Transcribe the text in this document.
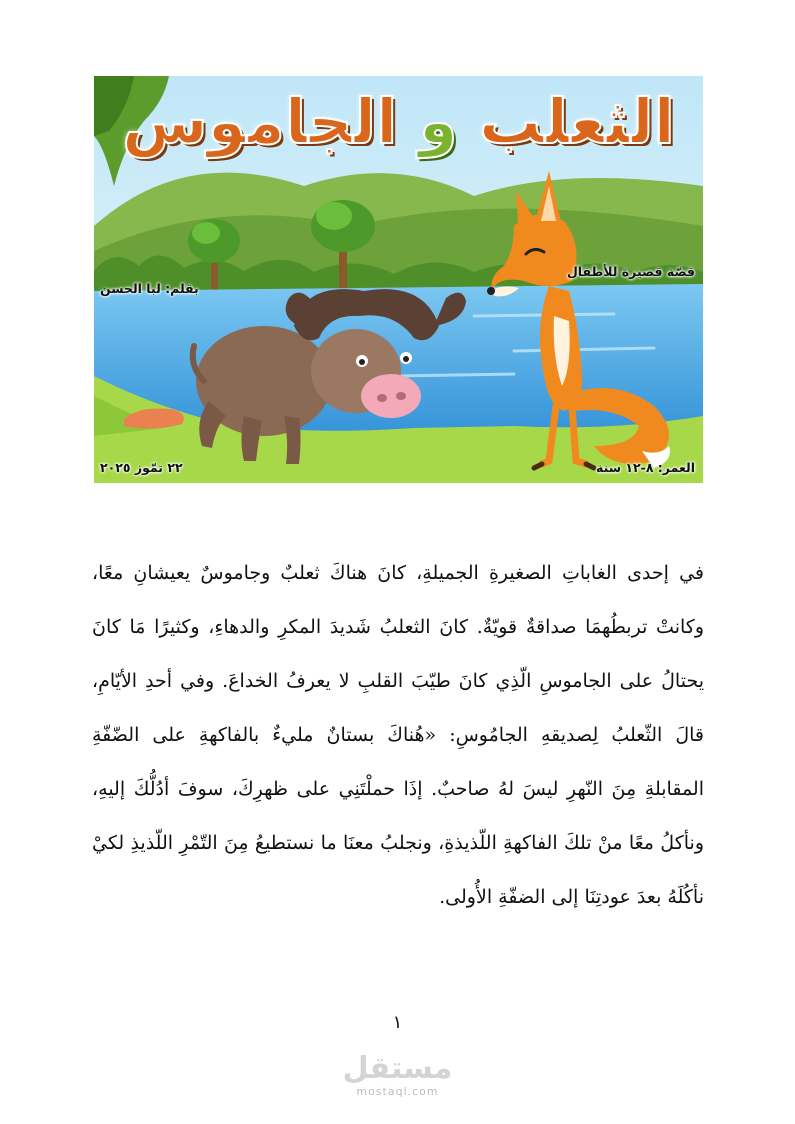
الثعلب و الجاموس
قصّة قصيرة للأطفال
بقلم: لبا الحسن
العمر: ٨-١٢ سنة
٢٢ تمّوز ٢٠٢٥

في إحدى الغاباتِ الصغيرةِ الجميلةِ، كانَ هناكَ ثعلبٌ وجاموسٌ يعيشانِ معًا، وكانتْ تربطُهمَا صداقةٌ قويّةٌ. كانَ الثعلبُ شَديدَ المكرِ والدهاءِ، وكثيرًا مَا كانَ يحتالُ على الجاموسِ الّذِي كانَ طيّبَ القلبِ لا يعرفُ الخداعَ. وفي أحدِ الأيّامِ، قالَ الثّعلبُ لِصديقهِ الجامُوسِ: «هُناكَ بستانٌ مليءٌ بالفاكهةِ على الضّفّةِ المقابلةِ مِنَ النّهرِ ليسَ لهُ صاحبٌ. إذَا حملْتَنِي على ظهرِكَ، سوفَ أدُلُّكَ إليهِ، ونأكلُ معًا منْ تلكَ الفاكهةِ اللّذيذةِ، ونجلبُ معنَا ما نستطيعُ مِنَ التّمْرِ اللّذيذِ لكيْ نأكُلَهُ بعدَ عودتِنَا إلى الضفّةِ الأُولى.

١
مستقل
mostaql.com
